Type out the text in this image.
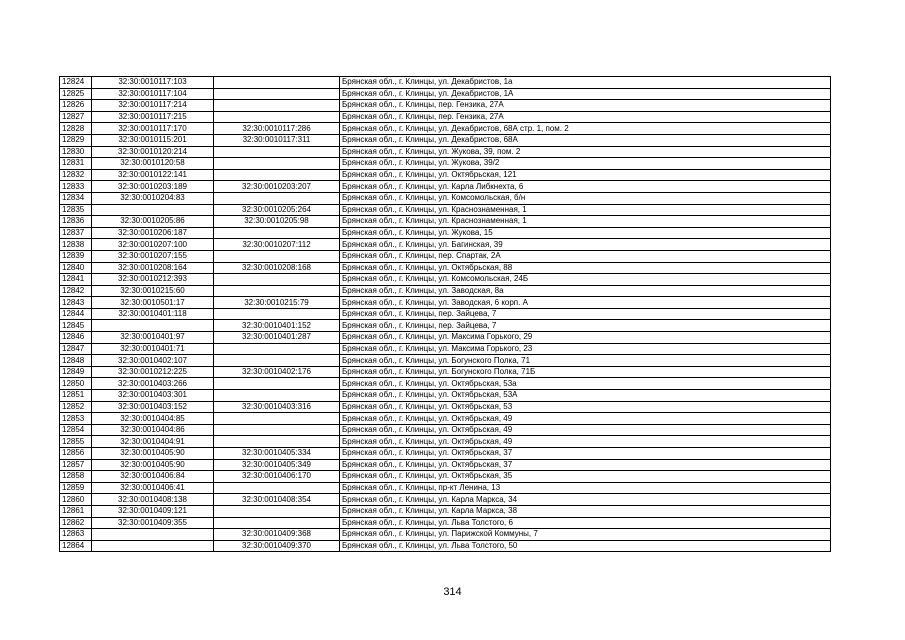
12824	32:30:0010117:103		Брянская обл., г. Клинцы, ул. Декабристов, 1а
12825	32:30:0010117:104		Брянская обл., г. Клинцы, ул. Декабристов, 1А
12826	32:30:0010117:214		Брянская обл., г. Клинцы, пер. Гензика, 27А
12827	32:30:0010117:215		Брянская обл., г. Клинцы, пер. Гензика, 27А
12828	32:30:0010117:170	32:30:0010117:286	Брянская обл., г. Клинцы, ул. Декабристов, 68А стр. 1, пом. 2
12829	32:30:0010115:201	32:30:0010117:311	Брянская обл., г. Клинцы, ул. Декабристов, 68А
12830	32:30:0010120:214		Брянская обл., г. Клинцы, ул. Жукова, 39, пом. 2
12831	32:30:0010120:58		Брянская обл., г. Клинцы, ул. Жукова, 39/2
12832	32:30:0010122:141		Брянская обл., г. Клинцы, ул. Октябрьская, 121
12833	32:30:0010203:189	32:30:0010203:207	Брянская обл., г. Клинцы, ул. Карла Либкнехта, 6
12834	32:30:0010204:83		Брянская обл., г. Клинцы, ул. Комсомольская, б/н
12835		32:30:0010205:264	Брянская обл., г. Клинцы, ул. Краснознаменная, 1
12836	32:30:0010205:86	32:30:0010205:98	Брянская обл., г. Клинцы, ул. Краснознаменная, 1
12837	32:30:0010206:187		Брянская обл., г. Клинцы, ул. Жукова, 15
12838	32:30:0010207:100	32:30:0010207:112	Брянская обл., г. Клинцы, ул. Багинская, 39
12839	32:30:0010207:155		Брянская обл., г. Клинцы, пер. Спартак, 2А
12840	32:30:0010208:164	32:30:0010208:168	Брянская обл., г. Клинцы, ул. Октябрьская, 88
12841	32:30:0010212:393		Брянская обл., г. Клинцы, ул. Комсомольская, 24Б
12842	32:30:0010215:60		Брянская обл., г. Клинцы, ул. Заводская, 8а
12843	32:30:0010501:17	32:30:0010215:79	Брянская обл., г. Клинцы, ул. Заводская, 6 корп. А
12844	32:30:0010401:118		Брянская обл., г. Клинцы, пер. Зайцева, 7
12845		32:30:0010401:152	Брянская обл., г. Клинцы, пер. Зайцева, 7
12846	32:30:0010401:97	32:30:0010401:287	Брянская обл., г. Клинцы, ул. Максима Горького, 29
12847	32:30:0010401:71		Брянская обл., г. Клинцы, ул. Максима Горького, 23
12848	32:30:0010402:107		Брянская обл., г. Клинцы, ул. Богунского Полка, 71
12849	32:30:0010212:225	32:30:0010402:176	Брянская обл., г. Клинцы, ул. Богунского Полка, 71Б
12850	32:30:0010403:266		Брянская обл., г. Клинцы, ул. Октябрьская, 53а
12851	32:30:0010403:301		Брянская обл., г. Клинцы, ул. Октябрьская, 53А
12852	32:30:0010403:152	32:30:0010403:316	Брянская обл., г. Клинцы, ул. Октябрьская, 53
12853	32:30:0010404:85		Брянская обл., г. Клинцы, ул. Октябрьская, 49
12854	32:30:0010404:86		Брянская обл., г. Клинцы, ул. Октябрьская, 49
12855	32:30:0010404:91		Брянская обл., г. Клинцы, ул. Октябрьская, 49
12856	32:30:0010405:90	32:30:0010405:334	Брянская обл., г. Клинцы, ул. Октябрьская, 37
12857	32:30:0010405:90	32:30:0010405:349	Брянская обл., г. Клинцы, ул. Октябрьская, 37
12858	32:30:0010406:84	32:30:0010406:170	Брянская обл., г. Клинцы, ул. Октябрьская, 35
12859	32:30:0010406:41		Брянская обл., г. Клинцы, пр-кт Ленина, 13
12860	32:30:0010408:138	32:30:0010408:354	Брянская обл., г. Клинцы, ул. Карла Маркса, 34
12861	32:30:0010409:121		Брянская обл., г. Клинцы, ул. Карла Маркса, 38
12862	32:30:0010409:355		Брянская обл., г. Клинцы, ул. Льва Толстого, 6
12863		32:30:0010409:368	Брянская обл., г. Клинцы, ул. Парижской Коммуны, 7
12864		32:30:0010409:370	Брянская обл., г. Клинцы, ул. Льва Толстого, 50
314
